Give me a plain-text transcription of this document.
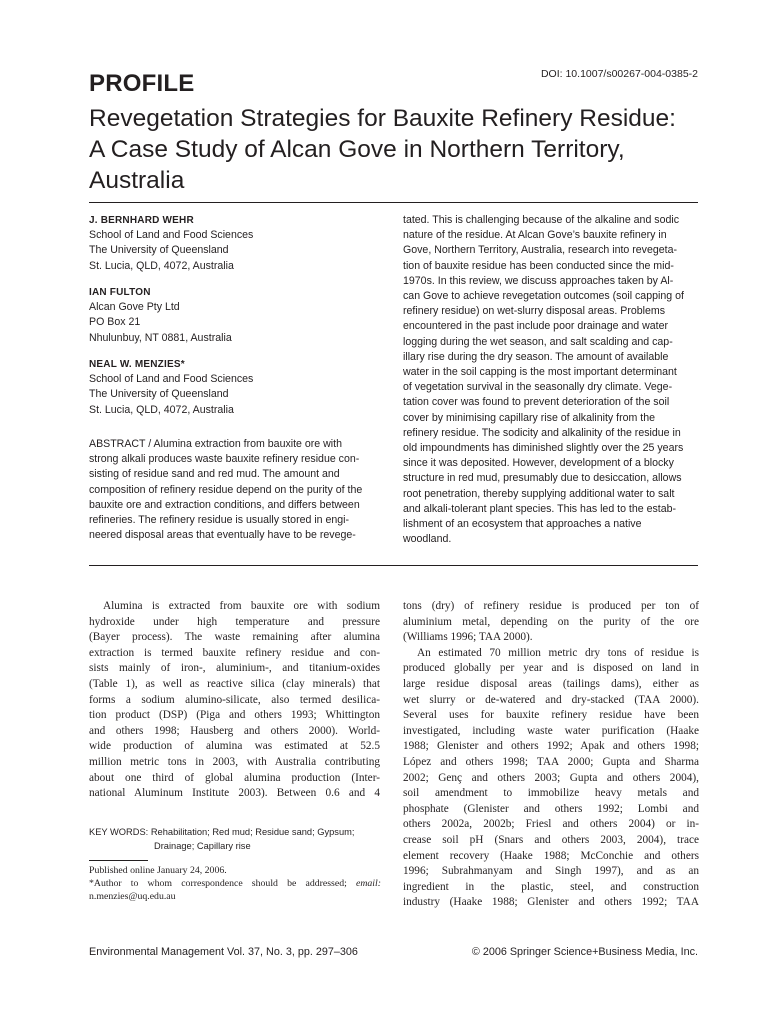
DOI: 10.1007/s00267-004-0385-2
PROFILE
Revegetation Strategies for Bauxite Refinery Residue:
A Case Study of Alcan Gove in Northern Territory,
Australia
J. BERNHARD WEHR
School of Land and Food Sciences
The University of Queensland
St. Lucia, QLD, 4072, Australia
IAN FULTON
Alcan Gove Pty Ltd
PO Box 21
Nhulunbuy, NT 0881, Australia
NEAL W. MENZIES*
School of Land and Food Sciences
The University of Queensland
St. Lucia, QLD, 4072, Australia
ABSTRACT / Alumina extraction from bauxite ore with
strong alkali produces waste bauxite refinery residue con-
sisting of residue sand and red mud. The amount and
composition of refinery residue depend on the purity of the
bauxite ore and extraction conditions, and differs between
refineries. The refinery residue is usually stored in engi-
neered disposal areas that eventually have to be revege-
tated. This is challenging because of the alkaline and sodic
nature of the residue. At Alcan Gove’s bauxite refinery in
Gove, Northern Territory, Australia, research into revegeta-
tion of bauxite residue has been conducted since the mid-
1970s. In this review, we discuss approaches taken by Al-
can Gove to achieve revegetation outcomes (soil capping of
refinery residue) on wet-slurry disposal areas. Problems
encountered in the past include poor drainage and water
logging during the wet season, and salt scalding and cap-
illary rise during the dry season. The amount of available
water in the soil capping is the most important determinant
of vegetation survival in the seasonally dry climate. Vege-
tation cover was found to prevent deterioration of the soil
cover by minimising capillary rise of alkalinity from the
refinery residue. The sodicity and alkalinity of the residue in
old impoundments has diminished slightly over the 25 years
since it was deposited. However, development of a blocky
structure in red mud, presumably due to desiccation, allows
root penetration, thereby supplying additional water to salt
and alkali-tolerant plant species. This has led to the estab-
lishment of an ecosystem that approaches a native
woodland.
Alumina is extracted from bauxite ore with sodium
hydroxide under high temperature and pressure
(Bayer process). The waste remaining after alumina
extraction is termed bauxite refinery residue and con-
sists mainly of iron-, aluminium-, and titanium-oxides
(Table 1), as well as reactive silica (clay minerals) that
forms a sodium alumino-silicate, also termed desilica-
tion product (DSP) (Piga and others 1993; Whittington
and others 1998; Hausberg and others 2000). World-
wide production of alumina was estimated at 52.5
million metric tons in 2003, with Australia contributing
about one third of global alumina production (Inter-
national Aluminum Institute 2003). Between 0.6 and 4
tons (dry) of refinery residue is produced per ton of
aluminium metal, depending on the purity of the ore
(Williams 1996; TAA 2000).
An estimated 70 million metric dry tons of residue is
produced globally per year and is disposed on land in
large residue disposal areas (tailings dams), either as
wet slurry or de-watered and dry-stacked (TAA 2000).
Several uses for bauxite refinery residue have been
investigated, including waste water purification (Haake
1988; Glenister and others 1992; Apak and others 1998;
López and others 1998; TAA 2000; Gupta and Sharma
2002; Genç and others 2003; Gupta and others 2004),
soil amendment to immobilize heavy metals and
phosphate (Glenister and others 1992; Lombi and
others 2002a, 2002b; Friesl and others 2004) or in-
crease soil pH (Snars and others 2003, 2004), trace
element recovery (Haake 1988; McConchie and others
1996; Subrahmanyam and Singh 1997), and as an
ingredient in the plastic, steel, and construction
industry (Haake 1988; Glenister and others 1992; TAA
KEY WORDS: Rehabilitation; Red mud; Residue sand; Gypsum;
Drainage; Capillary rise
Published online January 24, 2006.
*Author to whom correspondence should be addressed; email:
n.menzies@uq.edu.au
Environmental Management Vol. 37, No. 3, pp. 297–306	© 2006 Springer Science+Business Media, Inc.
